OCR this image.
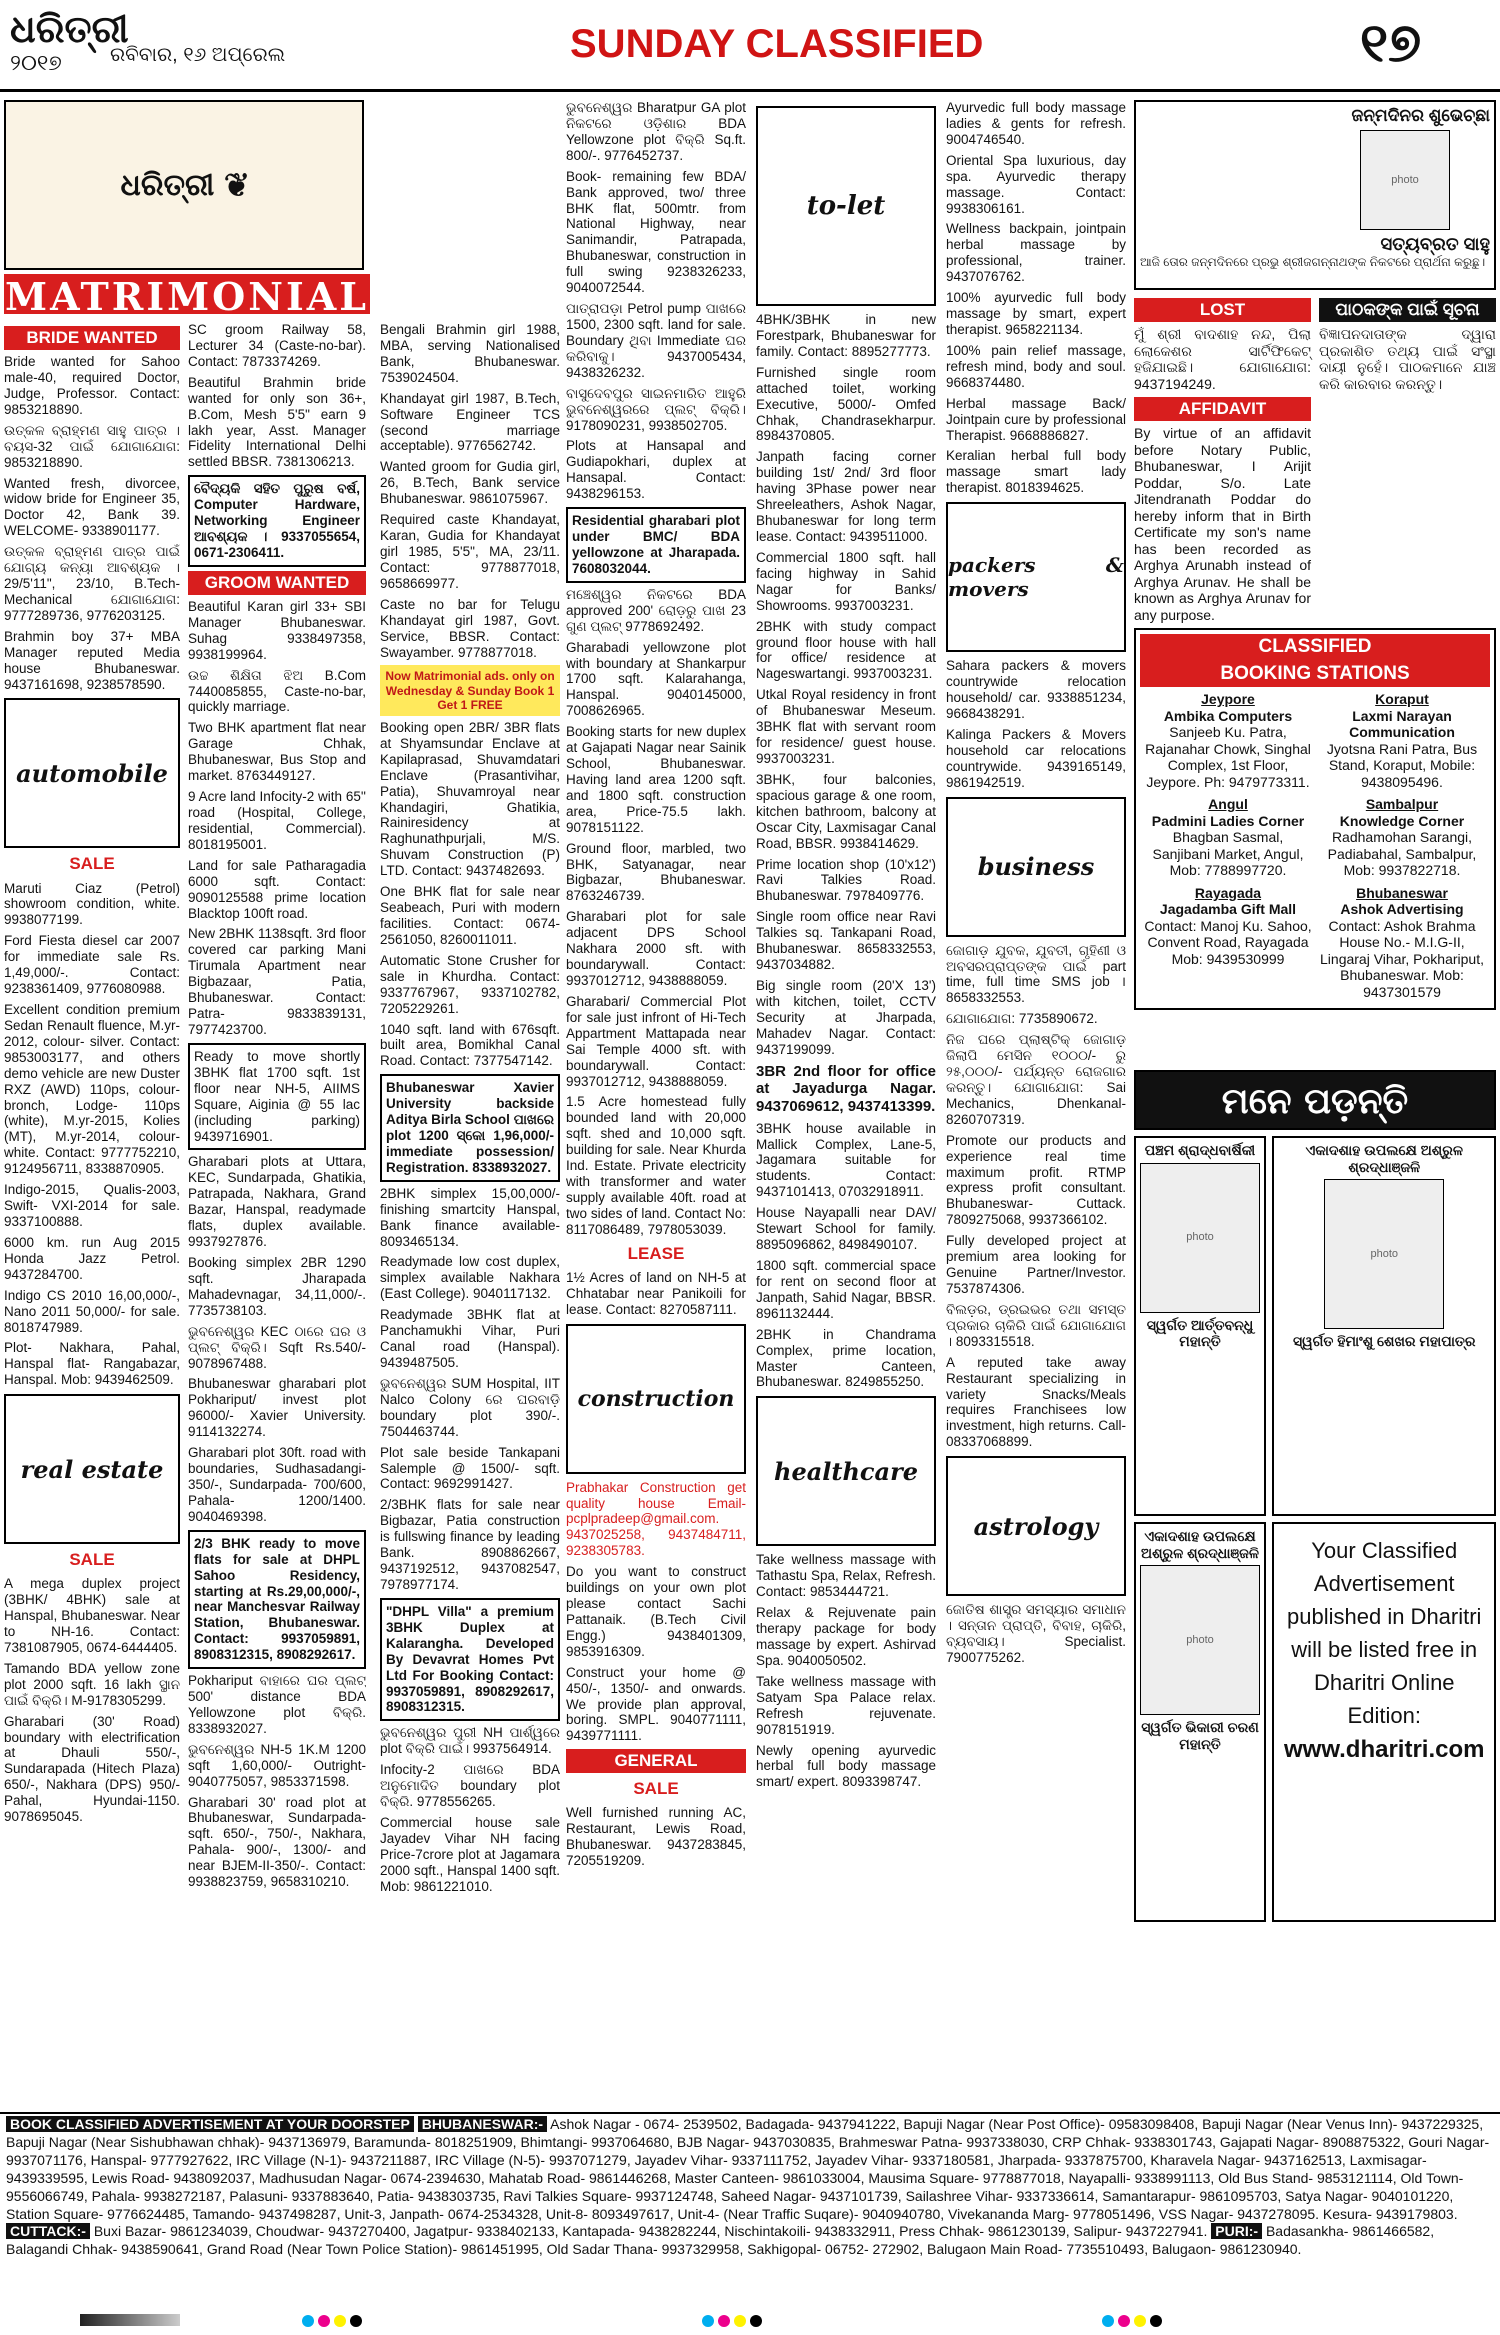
ଧରିତ୍ରୀ
୨୦୧୭ ରବିବାର, ୧୬ ଅପ୍ରେଲ	SUNDAY CLASSIFIED	୧୭
ଧରିତ୍ରୀ ❦
MATRIMONIAL
BRIDE WANTED

Bride wanted for Sahoo male-40, required Doctor, Judge, Professor. Contact: 9853218890.

ଉତ୍କଳ ବ୍ରାହ୍ମଣ ସାହୁ ପାତ୍ର । ବୟସ-32 ପାଇଁ ଯୋଗାଯୋଗ: 9853218890.

Wanted fresh, divorcee, widow bride for Engineer 35, Doctor 42, Bank 39. WELCOME- 9338901177.

ଉତ୍କଳ ବ୍ରାହ୍ମଣ ପାତ୍ର ପାଇଁ ଯୋଗ୍ୟ କନ୍ୟା ଆବଶ୍ୟକ । 29/5'11", 23/10, B.Tech- Mechanical ଯୋଗାଯୋଗ: 9777289736, 9776203125.

Brahmin boy 37+ MBA Manager reputed Media house Bhubaneswar. 9437161698, 9238578590.

automobile
SALE

Maruti Ciaz (Petrol) showroom condition, white. 9938077199.

Ford Fiesta diesel car 2007 for immediate sale Rs. 1,49,000/-. Contact: 9238361409, 9776080988.

Excellent condition premium Sedan Renault fluence, M.yr-2012, colour- silver. Contact: 9853003177, and others demo vehicle are new Duster RXZ (AWD) 110ps, colour- bronch, Lodge- 110ps (white), M.yr-2015, Kolies (MT), M.yr-2014, colour- white. Contact: 9777752210, 9124956711, 8338870905.

Indigo-2015, Qualis-2003, Swift- VXI-2014 for sale. 9337100888.

6000 km. run Aug 2015 Honda Jazz Petrol. 9437284700.

Indigo CS 2010 16,00,000/-, Nano 2011 50,000/- for sale. 8018747989.

Plot- Nakhara, Pahal, Hanspal flat- Rangabazar, Hanspal. Mob: 9439462509.

real estate
SALE

A mega duplex project (3BHK/ 4BHK) sale at Hanspal, Bhubaneswar. Near to NH-16. Contact: 7381087905, 0674-6444405.

Tamando BDA yellow zone plot 2000 sqft. 16 lakh ସ୍ଥାନ ପାଇଁ ବିକ୍ରି। M-9178305299.

Gharabari (30' Road) boundary with electrification at Dhauli 550/-, Sundarapada (Hitech Plaza) 650/-, Nakhara (DPS) 950/- Pahal, Hyundai-1150. 9078695045.

SC groom Railway 58, Lecturer 34 (Caste-no-bar). Contact: 7873374269.

Beautiful Brahmin bride wanted for only son 36+, B.Com, Mesh 5'5" earn 9 lakh year, Asst. Manager Fidelity International Delhi settled BBSR. 7381306213.

ବୈଦ୍ୟକି ସହିତ ପୁରୁଷ ବର୍ଷ, Computer Hardware, Networking Engineer ଆବଶ୍ୟକ । 9337055654, 0671-2306411.
GROOM WANTED

Beautiful Karan girl 33+ SBI Manager Bhubaneswar. Suhag 9338497358, 9938199964.

ଉଚ୍ଚ ଶିକ୍ଷିତା ଝିଅ B.Com 7440085855, Caste-no-bar, quickly marriage.

Two BHK apartment flat near Garage Chhak, Bhubaneswar, Bus Stop and market. 8763449127.

9 Acre land Infocity-2 with 65'' road (Hospital, College, residential, Commercial). 8018195001.

Land for sale Patharagadia 6000 sqft. Contact: 9090125588 prime location Blacktop 100ft road.

New 2BHK 1138sqft. 3rd floor covered car parking Mani Tirumala Apartment near Bigbazaar, Patia, Bhubaneswar. Contact: Patra- 9833839131, 7977423700.

Ready to move shortly 3BHK flat 1700 sqft. 1st floor near NH-5, AIIMS Square, Aiginia @ 55 lac (including parking) 9439716901.

Gharabari plots at Uttara, KEC, Sundarpada, Ghatikia, Patrapada, Nakhara, Grand Bazar, Hanspal, readymade flats, duplex available. 9937927876.

Booking simplex 2BR 1290 sqft. Jharapada Mahadevnagar, 34,11,000/-. 7735738103.

ଭୁବନେଶ୍ୱର KEC ଠାରେ ଘର ଓ ପ୍ଲଟ୍ ବିକ୍ରି। Sqft Rs.540/- 9078967488.

Bhubaneswar gharabari plot Pokhariput/ invest plot 96000/- Xavier University. 9114132274.

Gharabari plot 30ft. road with boundaries, Sudhasadangi- 350/-, Sundarpada- 700/600, Pahala- 1200/1400. 9040469398.

2/3 BHK ready to move flats for sale at DHPL Sahoo Residency, starting at Rs.29,00,000/-, near Manchesvar Railway Station, Bhubaneswar. Contact: 9937059891, 8908312315, 8908292617.

Pokhariput ବାହାରେ ଘର ପ୍ଲଟ୍ 500' distance BDA Yellowzone plot ବିକ୍ରି. 8338932027.

ଭୁବନେଶ୍ୱର NH-5 1K.M 1200 sqft 1,60,000/- Outright- 9040775057, 9853371598.

Gharabari 30' road plot at Bhubaneswar, Sundarpada- sqft. 650/-, 750/-, Nakhara, Pahala- 900/-, 1300/- and near BJEM-II-350/-. Contact: 9938823759, 9658310210.

Bengali Brahmin girl 1988, MBA, serving Nationalised Bank, Bhubaneswar. 7539024504.

Khandayat girl 1987, B.Tech, Software Engineer TCS (second marriage acceptable). 9776562742.

Wanted groom for Gudia girl, 26, B.Tech, Bank service Bhubaneswar. 9861075967.

Required caste Khandayat, Karan, Gudia for Khandayat girl 1985, 5'5", MA, 23/11. Contact: 9778877018, 9658669977.

Caste no bar for Telugu Khandayat girl 1987, Govt. Service, BBSR. Contact: Swayamber. 9778877018.

Now Matrimonial ads. only on Wednesday & Sunday Book 1 Get 1 FREE

Booking open 2BR/ 3BR flats at Shyamsundar Enclave at Kapilaprasad, Shuvamdatari Enclave (Prasantivihar, Patia), Shuvamroyal near Khandagiri, Ghatikia, Rainiresidency at Raghunathpurjali, M/S. Shuvam Construction (P) LTD. Contact: 9437482693.

One BHK flat for sale near Seabeach, Puri with modern facilities. Contact: 0674-2561050, 8260011011.

Automatic Stone Crusher for sale in Khurdha. Contact: 9337767967, 9337102782, 7205229261.

1040 sqft. land with 676sqft. built area, Bomikhal Canal Road. Contact: 7377547142.

Bhubaneswar Xavier University backside Aditya Birla School ପାଖରେ plot 1200 ସ୍କୋ 1,96,000/- immediate possession/ Registration. 8338932027.

2BHK simplex 15,00,000/- finishing smartcity Hanspal, Bank finance available- 8093465134.

Readymade low cost duplex, simplex available Nakhara (East College). 9040117132.

Readymade 3BHK flat at Panchamukhi Vihar, Puri Canal road (Hanspal). 9439487505.

ଭୁବନେଶ୍ୱର SUM Hospital, IIT Nalco Colony ରେ ଘରବାଡ଼ି boundary plot 390/-. 7504463744.

Plot sale beside Tankapani Salemple @ 1500/- sqft. Contact: 9692991427.

2/3BHK flats for sale near Bigbazar, Patia construction is fullswing finance by leading Bank. 8908862667, 9437192512, 9437082547, 7978977174.

"DHPL Villa" a premium 3BHK Duplex at Kalarangha. Developed By Devavrat Homes Pvt Ltd For Booking Contact: 9937059891, 8908292617, 8908312315.

ଭୁବନେଶ୍ୱର ପୁରୀ NH ପାର୍ଶ୍ୱରେ plot ବିକ୍ରି ପାଇଁ। 9937564914.

Infocity-2 ପାଖରେ BDA ଅନୁମୋଦିତ boundary plot ବିକ୍ରି. 9778556265.

Commercial house sale Jayadev Vihar NH facing Price-7crore plot at Jagamara 2000 sqft., Hanspal 1400 sqft. Mob: 9861221010.

ଭୁବନେଶ୍ୱର Bharatpur GA plot ନିକଟରେ ଓଡ଼ିଶାର BDA Yellowzone plot ବିକ୍ରି Sq.ft. 800/-. 9776452737.

Book- remaining few BDA/ Bank approved, two/ three BHK flat, 500mtr. from National Highway, near Sanimandir, Patrapada, Bhubaneswar, construction in full swing 9238326233, 9040072544.

ପାତ୍ରାପଡ଼ା Petrol pump ପାଖରେ 1500, 2300 sqft. land for sale. Boundary ଥିବା Immediate ଘର କରିବାକୁ। 9437005434, 9438326232.

ବାସୁଦେବପୁର ସାଇନମାରିତ ଆହୁରି ଭୁବନେଶ୍ୱରରେ ପ୍ଲଟ୍ ବିକ୍ରି। 9178090231, 9938502705.

Plots at Hansapal and Gudiapokhari, duplex at Hansapal. Contact: 9438296153.

Residential gharabari plot under BMC/ BDA yellowzone at Jharapada. 7608032044.

ମଞ୍ଚେଶ୍ୱର ନିକଟରେ BDA approved 200' ରୋଡ଼ରୁ ପାଖ 23 ଗୁଣ ପ୍ଲଟ୍ 9778692492.

Gharabadi yellowzone plot with boundary at Shankarpur 1700 sqft. Kalarahanga, Hanspal. 9040145000, 7008626965.

Booking starts for new duplex at Gajapati Nagar near Sainik School, Bhubaneswar. Having land area 1200 sqft. and 1800 sqft. construction area, Price-75.5 lakh. 9078151122.

Ground floor, marbled, two BHK, Satyanagar, near Bigbazar, Bhubaneswar. 8763246739.

Gharabari plot for sale adjacent DPS School Nakhara 2000 sft. with boundarywall. Contact: 9937012712, 9438888059.

Gharabari/ Commercial Plot for sale just infront of Hi-Tech Appartment Mattapada near Sai Temple 4000 sft. with boundarywall. Contact: 9937012712, 9438888059.

1.5 Acre homestead fully bounded land with 20,000 sqft. shed and 10,000 sqft. building for sale. Near Khurda Ind. Estate. Private electricity with transformer and water supply available 40ft. road at two sides of land. Contact No: 8117086489, 7978053039.

LEASE

1½ Acres of land on NH-5 at Chhatabar near Panikoili for lease. Contact: 8270587111.

construction

Prabhakar Construction get quality house Email- pcplpradeep@gmail.com. 9437025258, 9437484711, 9238305783.

Do you want to construct buildings on your own plot please contact Sachi Pattanaik. (B.Tech Civil Engg.) 9438401309, 9853916309.

Construct your home @ 450/-, 1350/- and onwards. We provide plan approval, boring. SMPL. 9040771111, 9439771111.

GENERAL
SALE

Well furnished running AC, Restaurant, Lewis Road, Bhubaneswar. 9437283845, 7205519209.

to-let

4BHK/3BHK in new Forestpark, Bhubaneswar for family. Contact: 8895277773.

Furnished single room attached toilet, working Executive, 5000/- Omfed Chhak, Chandrasekharpur. 8984370805.

Janpath facing corner building 1st/ 2nd/ 3rd floor having 3Phase power near Shreeleathers, Ashok Nagar, Bhubaneswar for long term lease. Contact: 9439511000.

Commercial 1800 sqft. hall facing highway in Sahid Nagar for Banks/ Showrooms. 9937003231.

2BHK with study compact ground floor house with hall for office/ residence at Nageswartangi. 9937003231.

Utkal Royal residency in front of Bhubaneswar Meseum. 3BHK flat with servant room for residence/ guest house. 9937003231.

3BHK, four balconies, spacious garage & one room, kitchen bathroom, balcony at Oscar City, Laxmisagar Canal Road, BBSR. 9938414629.

Prime location shop (10'x12') Ravi Talkies Road. Bhubaneswar. 7978409776.

Single room office near Ravi Talkies sq. Tankapani Road, Bhubaneswar. 8658332553, 9437034882.

Big single room (20'X 13') with kitchen, toilet, CCTV Security at Jharpada, Mahadev Nagar. Contact: 9437199099.

3BR 2nd floor for office at Jayadurga Nagar. 9437069612, 9437413399.

3BHK house available in Mallick Complex, Lane-5, Jagamara suitable for students. Contact: 9437101413, 07032918911.

House Nayapalli near DAV/ Stewart School for family. 8895096862, 8498490107.

1800 sqft. commercial space for rent on second floor at Janpath, Sahid Nagar, BBSR. 8961132444.

2BHK in Chandrama Complex, prime location, Master Canteen, Bhubaneswar. 8249855250.

healthcare

Take wellness massage with Tathastu Spa, Relax, Refresh. Contact: 9853444721.

Relax & Rejuvenate pain therapy package for body massage by expert. Ashirvad Spa. 9040050502.

Take wellness massage with Satyam Spa Palace relax. Refresh rejuvenate. 9078151919.

Newly opening ayurvedic herbal full body massage smart/ expert. 8093398747.

Ayurvedic full body massage ladies & gents for refresh. 9004746540.

Oriental Spa luxurious, day spa. Ayurvedic therapy massage. Contact: 9938306161.

Wellness backpain, jointpain herbal massage by professional, trainer. 9437076762.

100% ayurvedic full body massage by smart, expert therapist. 9658221134.

100% pain relief massage, refresh mind, body and soul. 9668374480.

Herbal massage Back/ Jointpain cure by professional Therapist. 9668886827.

Keralian herbal full body massage smart lady therapist. 8018394625.

packers & movers

Sahara packers & movers countrywide relocation household/ car. 9338851234, 9668438291.

Kalinga Packers & Movers household car relocations countrywide. 9439165149, 9861942519.

business

ଜୋଗାଡ଼ ଯୁବକ, ଯୁବତୀ, ଗୃହିଣୀ ଓ ଅବସରପ୍ରାପ୍ତଙ୍କ ପାଇଁ part time, full time SMS job । 8658332553.

ଯୋଗାଯୋଗ: 7735890672.

ନିଜ ଘରେ ପ୍ଲାଷ୍ଟିକ୍ ଜୋଗାଡ଼ ଜିଲାପି ମେସିନ ୧୦୦୦/- ରୁ ୨୫,୦୦୦/- ପର୍ଯ୍ୟନ୍ତ ରୋଜଗାର କରନ୍ତୁ। ଯୋଗାଯୋଗ: Sai Mechanics, Dhenkanal- 8260707319.

Promote our products and experience real time maximum profit. RTMP express profit consultant. Bhubaneswar- Cuttack. 7809275068, 9937366102.

Fully developed project at premium area looking for Genuine Partner/Investor. 7537874306.

ବିଲଡ଼ର, ଡ୍ରଇଭର ତଥା ସମସ୍ତ ପ୍ରକାର ଚାକିରି ପାଇଁ ଯୋଗାଯୋଗ । 8093315518.

A reputed take away Restaurant specializing in variety Snacks/Meals requires Franchisees low investment, high returns. Call-08337068899.

astrology

ଜୋତିଷ ଶାସ୍ତ୍ର ସମସ୍ୟାର ସମାଧାନ । ସନ୍ତାନ ପ୍ରାପ୍ତି, ବିବାହ, ଚାକିରି, ବ୍ୟବସାୟ। Specialist. 7900775262.

ଜନ୍ମଦିନର ଶୁଭେଚ୍ଛା
photo
ସତ୍ୟବ୍ରତ ସାହୁ
ଆଜି ତୋର ଜନ୍ମଦିନରେ ପ୍ରଭୁ ଶ୍ରୀଜଗନ୍ନାଥଙ୍କ ନିକଟରେ ପ୍ରାର୍ଥନା କରୁଛୁ।
LOST

ମୁଁ ଶ୍ରୀ ବାଦଶାହ ନନ୍ଦ, ପିଲା ଲୋକେଶର ସାର୍ଟିଫିକେଟ୍ ହଜିଯାଇଛି। ଯୋଗାଯୋଗ: 9437194249.

AFFIDAVIT

By virtue of an affidavit before Notary Public, Bhubaneswar, I Arijit Poddar, S/o. Late Jitendranath Poddar do hereby inform that in Birth Certificate my son's name has been recorded as Arghya Arunabh instead of Arghya Arunav. He shall be known as Arghya Arunav for any purpose.

ପାଠକଙ୍କ ପାଇଁ ସୂଚନା

ବିଜ୍ଞାପନଦାତାଙ୍କ ଦ୍ୱାରା ପ୍ରକାଶିତ ତଥ୍ୟ ପାଇଁ ସଂସ୍ଥା ଦାୟୀ ନୁହେଁ। ପାଠକମାନେ ଯାଞ୍ଚ କରି କାରବାର କରନ୍ତୁ।

CLASSIFIED
BOOKING STATIONS
Jeypore
Ambika Computers
Sanjeeb Ku. Patra, Rajanahar Chowk, Singhal Complex, 1st Floor, Jeypore. Ph: 9479773311.
Koraput
Laxmi Narayan Communication
Jyotsna Rani Patra, Bus Stand, Koraput, Mobile: 9438095496.
Angul
Padmini Ladies Corner
Bhagban Sasmal, Sanjibani Market, Angul, Mob: 7788997720.
Sambalpur
Knowledge Corner
Radhamohan Sarangi, Padiabahal, Sambalpur, Mob: 9937822718.
Rayagada
Jagadamba Gift Mall
Contact: Manoj Ku. Sahoo, Convent Road, Rayagada Mob: 9439530999
Bhubaneswar
Ashok Advertising
Contact: Ashok Brahma House No.- M.I.G-II, Lingaraj Vihar, Pokhariput, Bhubaneswar. Mob: 9437301579
ମନେ ପଡ଼ନ୍ତି
ପଞ୍ଚମ ଶ୍ରାଦ୍ଧବାର୍ଷିକୀ
photo
ସ୍ୱର୍ଗତ ଆର୍ତ୍ତବନ୍ଧୁ ମହାନ୍ତି
ଏକାଦଶାହ ଉପଲକ୍ଷେ ଅଶ୍ରୁଳ ଶ୍ରଦ୍ଧାଞ୍ଜଳି
photo
ସ୍ୱର୍ଗତ ହିମାଂଶୁ ଶେଖର ମହାପାତ୍ର
ଏକାଦଶାହ ଉପଲକ୍ଷେ ଅଶ୍ରୁଳ ଶ୍ରଦ୍ଧାଞ୍ଜଳି
photo
ସ୍ୱର୍ଗତ ଭିକାରୀ ଚରଣ ମହାନ୍ତି
Your Classified Advertisement published in Dharitri will be listed free in Dharitri Online Edition:
www.dharitri.com
BOOK CLASSIFIED ADVERTISEMENT AT YOUR DOORSTEP BHUBANESWAR:- Ashok Nagar - 0674- 2539502, Badagada- 9437941222, Bapuji Nagar (Near Post Office)- 09583098408, Bapuji Nagar (Near Venus Inn)- 9437229325, Bapuji Nagar (Near Sishubhawan chhak)- 9437136979, Baramunda- 8018251909, Bhimtangi- 9937064680, BJB Nagar- 9437030835, Brahmeswar Patna- 9937338030, CRP Chhak- 9338301743, Gajapati Nagar- 8908875322, Gouri Nagar- 9937071176, Hanspal- 9777927622, IRC Village (N-1)- 9437211887, IRC Village (N-5)- 9937071279, Jayadev Vihar- 9337111752, Jayadev Vihar- 9337180581, Jharpada- 9337875700, Kharavela Nagar- 9437162513, Laxmisagar- 9439339595, Lewis Road- 9438092037, Madhusudan Nagar- 0674-2394630, Mahatab Road- 9861446268, Master Canteen- 9861033004, Mausima Square- 9778877018, Nayapalli- 9338991113, Old Bus Stand- 9853121114, Old Town- 9556066749, Pahala- 9938272187, Palasuni- 9337883640, Patia- 9438303735, Ravi Talkies Square- 9937124748, Saheed Nagar- 9437101739, Sailashree Vihar- 9337336614, Samantarapur- 9861095703, Satya Nagar- 9040101220, Station Square- 9776624485, Tamando- 9437498287, Unit-3, Janpath- 0674-2534328, Unit-8- 8093497617, Unit-4- (Near Traffic Suqare)- 9040940780, Vivekananda Marg- 9778051496, VSS Nagar- 9437278095. Kesura- 9439179803. CUTTACK:- Buxi Bazar- 9861234039, Choudwar- 9437270400, Jagatpur- 9338402133, Kantapada- 9438282244, Nischintakoili- 9438332911, Press Chhak- 9861230139, Salipur- 9437227941. PURI:- Badasankha- 9861466582, Balagandi Chhak- 9438590641, Grand Road (Near Town Police Station)- 9861451995, Old Sadar Thana- 9937329958, Sakhigopal- 06752- 272902, Balugaon Main Road- 7735510493, Balugaon- 9861230940.
